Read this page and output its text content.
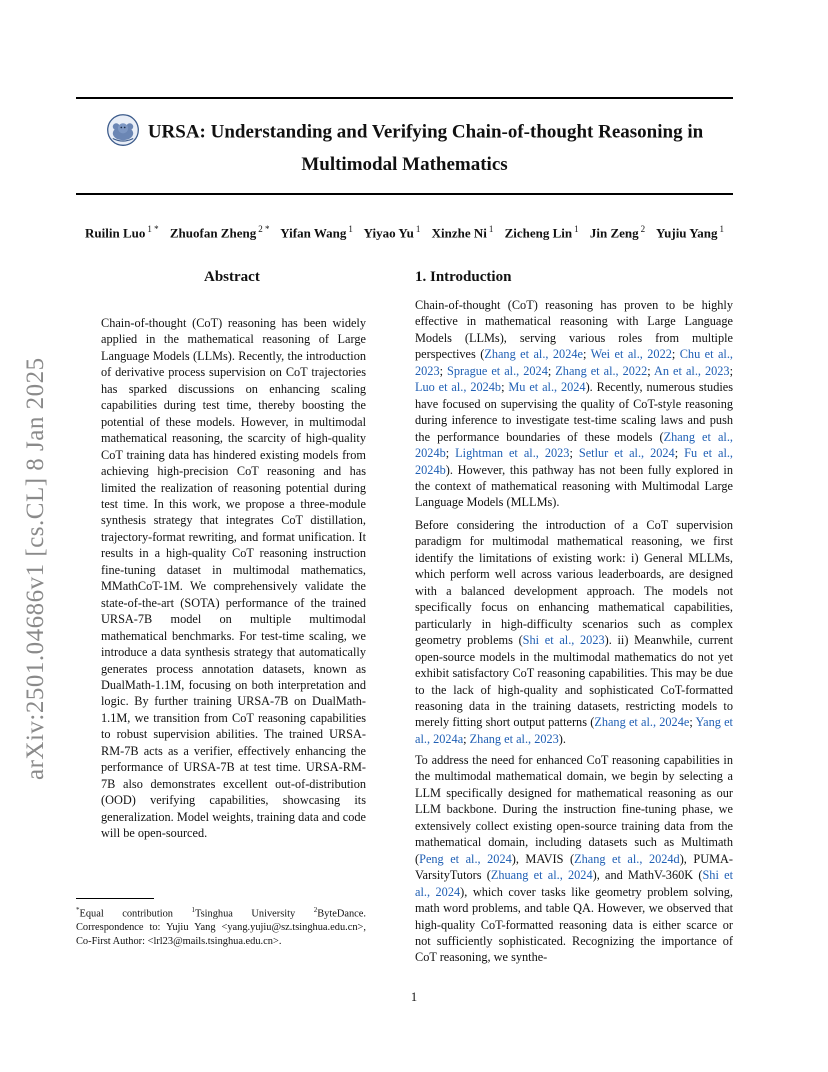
URSA: Understanding and Verifying Chain-of-thought Reasoning in
Multimodal Mathematics
Ruilin Luo $^{1 *}$ Zhuofan Zheng $^{2 *}$ Yifan Wang $^1$ Yiyao Yu $^1$ Xinzhe Ni $^1$ Zicheng Lin $^1$ Jin Zeng $^2$ Yujiu Yang $^1$
arXiv:2501.04686v1 [cs.CL] 8 Jan 2025
Abstract
Chain-of-thought (CoT) reasoning has been widely applied in the mathematical reasoning of Large Language Models (LLMs). Recently, the introduction of derivative process supervision on CoT trajectories has sparked discussions on enhancing scaling capabilities during test time, thereby boosting the potential of these models. However, in multimodal mathematical reasoning, the scarcity of high-quality CoT training data has hindered existing models from achieving high-precision CoT reasoning and has limited the realization of reasoning potential during test time. In this work, we propose a three-module synthesis strategy that integrates CoT distillation, trajectory-format rewriting, and format unification. It results in a high-quality CoT reasoning instruction fine-tuning dataset in multimodal mathematics, MMathCoT-1M. We comprehensively validate the state-of-the-art (SOTA) performance of the trained URSA-7B model on multiple multimodal mathematical benchmarks. For test-time scaling, we introduce a data synthesis strategy that automatically generates process annotation datasets, known as DualMath-1.1M, focusing on both interpretation and logic. By further training URSA-7B on DualMath-1.1M, we transition from CoT reasoning capabilities to robust supervision abilities. The trained URSA-RM-7B acts as a verifier, effectively enhancing the performance of URSA-7B at test time. URSA-RM-7B also demonstrates excellent out-of-distribution (OOD) verifying capabilities, showcasing its generalization. Model weights, training data and code will be open-sourced.
1. Introduction
Chain-of-thought (CoT) reasoning has proven to be highly effective in mathematical reasoning with Large Language Models (LLMs), serving various roles from multiple perspectives (Zhang et al., 2024e; Wei et al., 2022; Chu et al., 2023; Sprague et al., 2024; Zhang et al., 2022; An et al., 2023; Luo et al., 2024b; Mu et al., 2024). Recently, numerous studies have focused on supervising the quality of CoT-style reasoning during inference to investigate test-time scaling laws and push the performance boundaries of these models (Zhang et al., 2024b; Lightman et al., 2023; Setlur et al., 2024; Fu et al., 2024b). However, this pathway has not been fully explored in the context of mathematical reasoning with Multimodal Large Language Models (MLLMs).
Before considering the introduction of a CoT supervision paradigm for multimodal mathematical reasoning, we first identify the limitations of existing work: i) General MLLMs, which perform well across various leaderboards, are designed with a balanced development approach. The models not specifically focus on enhancing mathematical capabilities, particularly in high-difficulty scenarios such as complex geometry problems (Shi et al., 2023). ii) Meanwhile, current open-source models in the multimodal mathematics do not yet exhibit satisfactory CoT reasoning capabilities. This may be due to the lack of high-quality and sophisticated CoT-formatted reasoning data in the training datasets, restricting models to merely fitting short output patterns (Zhang et al., 2024e; Yang et al., 2024a; Zhang et al., 2023).
To address the need for enhanced CoT reasoning capabilities in the multimodal mathematical domain, we begin by selecting a LLM specifically designed for mathematical reasoning as our LLM backbone. During the instruction fine-tuning phase, we extensively collect existing open-source training data from the mathematical domain, including datasets such as Multimath (Peng et al., 2024), MAVIS (Zhang et al., 2024d), PUMA-VarsityTutors (Zhuang et al., 2024), and MathV-360K (Shi et al., 2024), which cover tasks like geometry problem solving, math word problems, and table QA. However, we observed that high-quality CoT-formatted reasoning data is either scarce or not sufficiently sophisticated. Recognizing the importance of CoT reasoning, we synthe-
*Equal contribution $^1$Tsinghua University $^2$ByteDance. Correspondence to: Yujiu Yang <yang.yujiu@sz.tsinghua.edu.cn>, Co-First Author: <lrl23@mails.tsinghua.edu.cn>.
1
